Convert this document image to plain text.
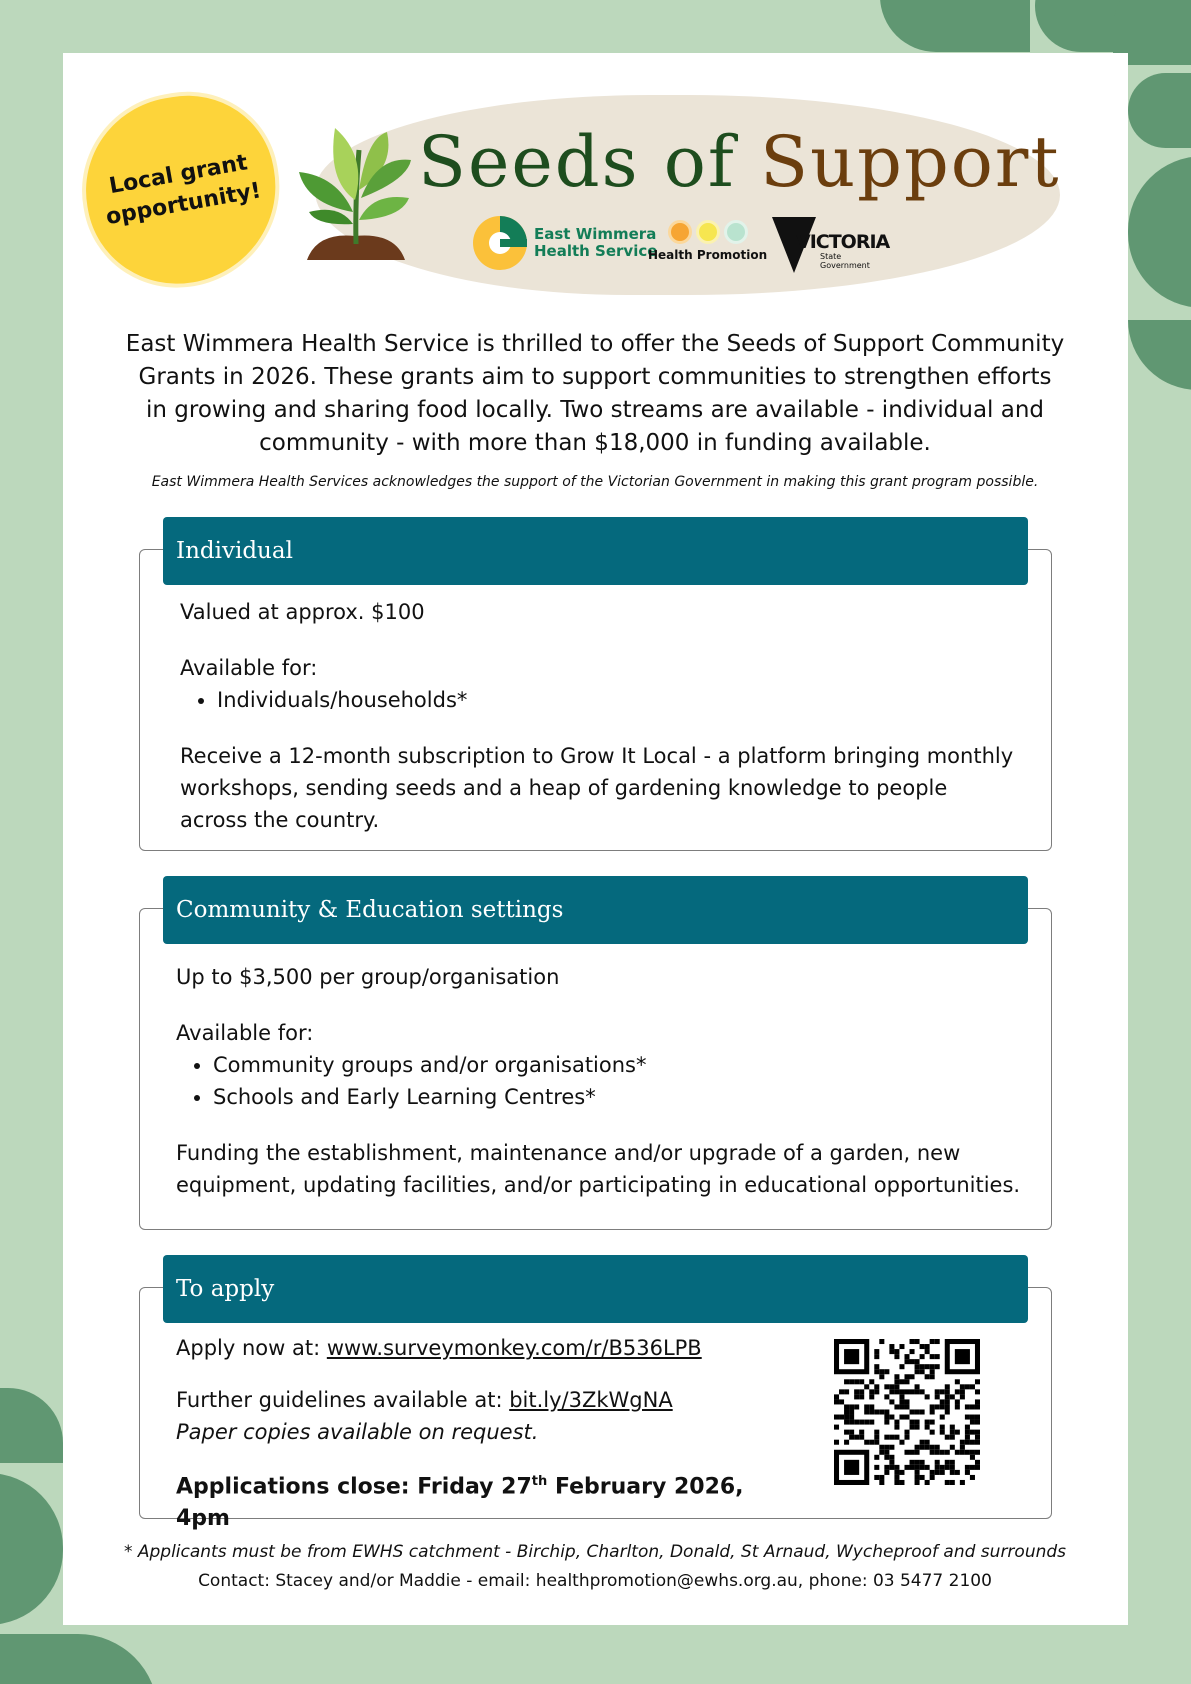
Local grant
opportunity!
Seeds of Support
East Wimmera
Health Service
Health Promotion
VICTORIA
State
Government
East Wimmera Health Service is thrilled to offer the Seeds of Support Community Grants in 2026. These grants aim to support communities to strengthen efforts in growing and sharing food locally. Two streams are available - individual and community - with more than $18,000 in funding available.
East Wimmera Health Services acknowledges the support of the Victorian Government in making this grant program possible.
Individual

Valued at approx. $100

Available for:

• Individuals/households*

Receive a 12-month subscription to Grow It Local - a platform bringing monthly workshops, sending seeds and a heap of gardening knowledge to people across the country.

Community & Education settings

Up to $3,500 per group/organisation

Available for:

• Community groups and/or organisations*
• Schools and Early Learning Centres*

Funding the establishment, maintenance and/or upgrade of a garden, new equipment, updating facilities, and/or participating in educational opportunities.

To apply

Apply now at: www.surveymonkey.com/r/B536LPB

Further guidelines available at: bit.ly/3ZkWgNA

Paper copies available on request.

Applications close: Friday 27th February 2026, 4pm

* Applicants must be from EWHS catchment - Birchip, Charlton, Donald, St Arnaud, Wycheproof and surrounds
Contact: Stacey and/or Maddie - email: healthpromotion@ewhs.org.au, phone: 03 5477 2100
